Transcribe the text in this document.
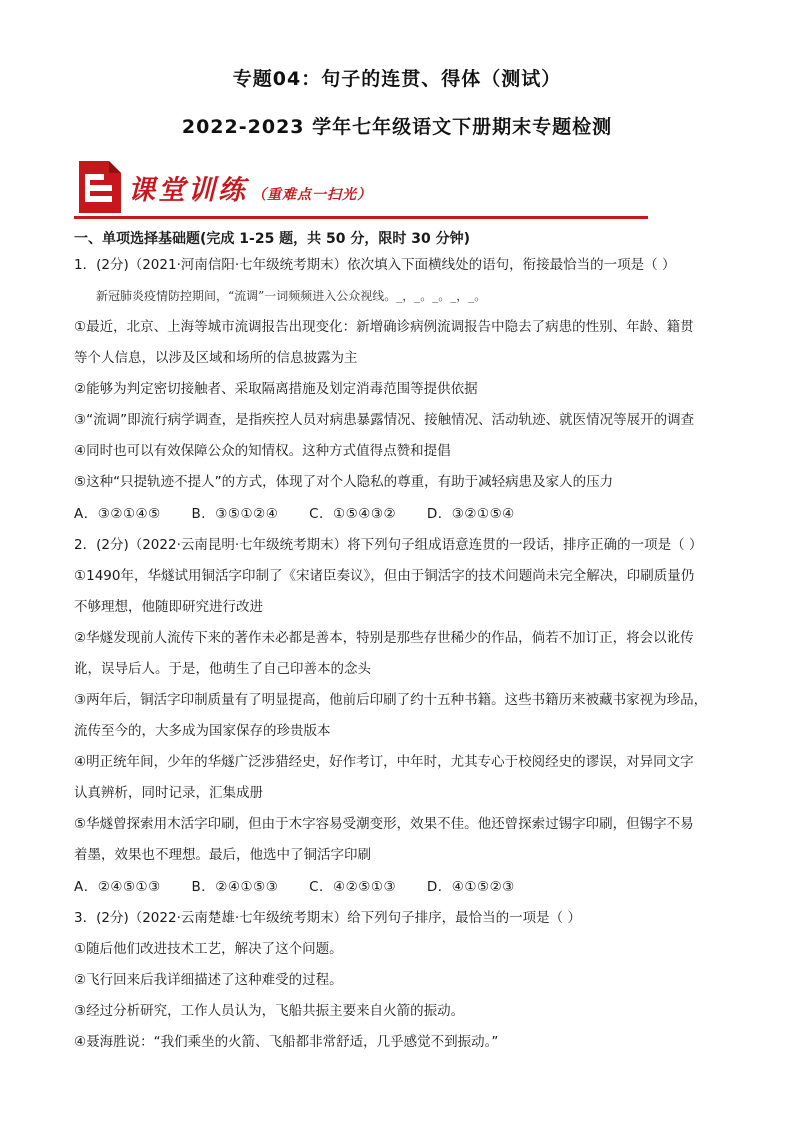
专题04：句子的连贯、得体（测试）
2022-2023 学年七年级语文下册期末专题检测
课堂训练 （重难点一扫光）
一、单项选择基础题(完成 1-25 题，共 50 分，限时 30 分钟)
1．(2分)（2021·河南信阳·七年级统考期末）依次填入下面横线处的语句，衔接最恰当的一项是（ ）
新冠肺炎疫情防控期间，“流调”一词频频进入公众视线。_，_。_。_，_。
①最近，北京、上海等城市流调报告出现变化：新增确诊病例流调报告中隐去了病患的性别、年龄、籍贯
等个人信息，以涉及区域和场所的信息披露为主
②能够为判定密切接触者、采取隔离措施及划定消毒范围等提供依据
③“流调”即流行病学调查，是指疾控人员对病患暴露情况、接触情况、活动轨迹、就医情况等展开的调查
④同时也可以有效保障公众的知情权。这种方式值得点赞和提倡
⑤这种“只提轨迹不提人”的方式，体现了对个人隐私的尊重，有助于减轻病患及家人的压力
A．③②①④⑤ B．③⑤①②④ C．①⑤④③② D．③②①⑤④
2．(2分)（2022·云南昆明·七年级统考期末）将下列句子组成语意连贯的一段话，排序正确的一项是（ ）
①1490年，华燧试用铜活字印制了《宋诸臣奏议》，但由于铜活字的技术问题尚未完全解决，印刷质量仍
不够理想，他随即研究进行改进
②华燧发现前人流传下来的著作未必都是善本，特别是那些存世稀少的作品，倘若不加订正，将会以讹传
讹，误导后人。于是，他萌生了自己印善本的念头
③两年后，铜活字印制质量有了明显提高，他前后印刷了约十五种书籍。这些书籍历来被藏书家视为珍品，
流传至今的，大多成为国家保存的珍贵版本
④明正统年间，少年的华燧广泛涉猎经史，好作考订，中年时，尤其专心于校阅经史的谬误，对异同文字
认真辨析，同时记录，汇集成册
⑤华燧曾探索用木活字印刷，但由于木字容易受潮变形，效果不佳。他还曾探索过锡字印刷，但锡字不易
着墨，效果也不理想。最后，他选中了铜活字印刷
A．②④⑤①③ B．②④①⑤③ C．④②⑤①③ D．④①⑤②③
3．(2分)（2022·云南楚雄·七年级统考期末）给下列句子排序，最恰当的一项是（ ）
①随后他们改进技术工艺，解决了这个问题。
②飞行回来后我详细描述了这种难受的过程。
③经过分析研究，工作人员认为，飞船共振主要来自火箭的振动。
④聂海胜说：“我们乘坐的火箭、飞船都非常舒适，几乎感觉不到振动。”
